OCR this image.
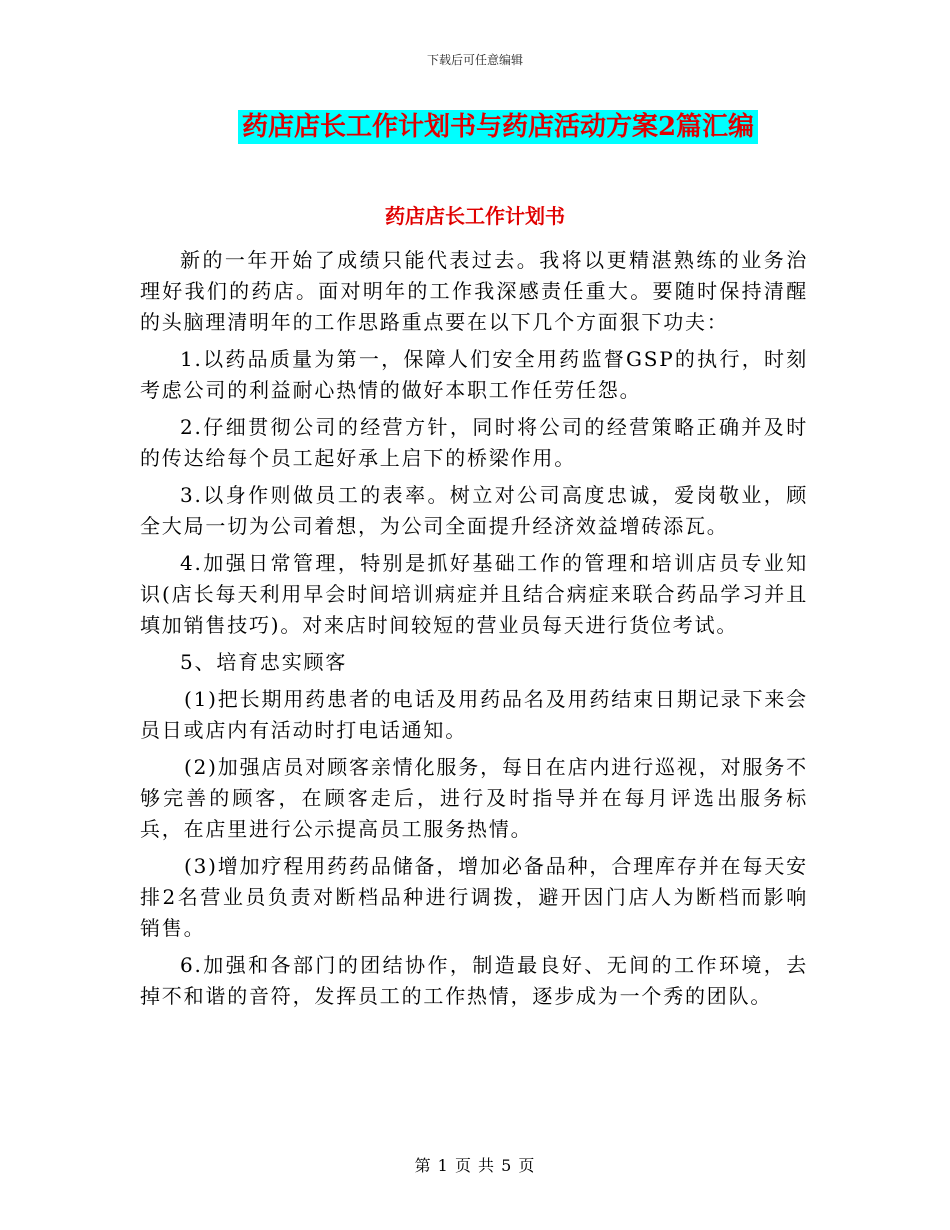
下载后可任意编辑
药店店长工作计划书与药店活动方案2篇汇编
药店店长工作计划书

新的一年开始了成绩只能代表过去。我将以更精湛熟练的业务治理好我们的药店。面对明年的工作我深感责任重大。要随时保持清醒的头脑理清明年的工作思路重点要在以下几个方面狠下功夫：

1.以药品质量为第一，保障人们安全用药监督GSP的执行，时刻考虑公司的利益耐心热情的做好本职工作任劳任怨。

2.仔细贯彻公司的经营方针，同时将公司的经营策略正确并及时的传达给每个员工起好承上启下的桥梁作用。

3.以身作则做员工的表率。树立对公司高度忠诚，爱岗敬业，顾全大局一切为公司着想，为公司全面提升经济效益增砖添瓦。

4.加强日常管理，特别是抓好基础工作的管理和培训店员专业知识(店长每天利用早会时间培训病症并且结合病症来联合药品学习并且填加销售技巧)。对来店时间较短的营业员每天进行货位考试。

5、培育忠实顾客

(1)把长期用药患者的电话及用药品名及用药结束日期记录下来会员日或店内有活动时打电话通知。

(2)加强店员对顾客亲情化服务，每日在店内进行巡视，对服务不够完善的顾客，在顾客走后，进行及时指导并在每月评选出服务标兵，在店里进行公示提高员工服务热情。

(3)增加疗程用药药品储备，增加必备品种，合理库存并在每天安排2名营业员负责对断档品种进行调拨，避开因门店人为断档而影响销售。

6.加强和各部门的团结协作，制造最良好、无间的工作环境，去掉不和谐的音符，发挥员工的工作热情，逐步成为一个秀的团队。

第 1 页 共 5 页
